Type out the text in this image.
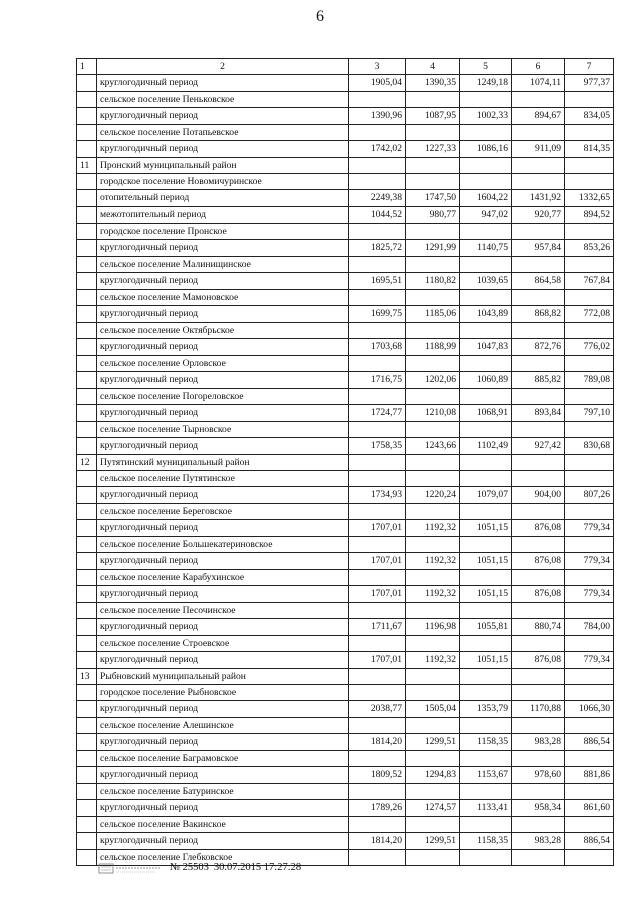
6
1	2	3	4	5	6	7
	круглогодичный период	1905,04	1390,35	1249,18	1074,11	977,37
	сельское поселение Пеньковское					
	круглогодичный период	1390,96	1087,95	1002,33	894,67	834,05
	сельское поселение Потапьевское					
	круглогодичный период	1742,02	1227,33	1086,16	911,09	814,35
11	Пронский муниципальный район					
	городское поселение Новомичуринское					
	отопительный период	2249,38	1747,50	1604,22	1431,92	1332,65
	межотопительный период	1044,52	980,77	947,02	920,77	894,52
	городское поселение Пронское					
	круглогодичный период	1825,72	1291,99	1140,75	957,84	853,26
	сельское поселение Малинищинское					
	круглогодичный период	1695,51	1180,82	1039,65	864,58	767,84
	сельское поселение Мамоновское					
	круглогодичный период	1699,75	1185,06	1043,89	868,82	772,08
	сельское поселение Октябрьское					
	круглогодичный период	1703,68	1188,99	1047,83	872,76	776,02
	сельское поселение Орловское					
	круглогодичный период	1716,75	1202,06	1060,89	885,82	789,08
	сельское поселение Погореловское					
	круглогодичный период	1724,77	1210,08	1068,91	893,84	797,10
	сельское поселение Тырновское					
	круглогодичный период	1758,35	1243,66	1102,49	927,42	830,68
12	Путятинский муниципальный район					
	сельское поселение Путятинское					
	круглогодичный период	1734,93	1220,24	1079,07	904,00	807,26
	сельское поселение Береговское					
	круглогодичный период	1707,01	1192,32	1051,15	876,08	779,34
	сельское поселение Большекатериновское					
	круглогодичный период	1707,01	1192,32	1051,15	876,08	779,34
	сельское поселение Карабухинское					
	круглогодичный период	1707,01	1192,32	1051,15	876,08	779,34
	сельское поселение Песочинское					
	круглогодичный период	1711,67	1196,98	1055,81	880,74	784,00
	сельское поселение Строевское					
	круглогодичный период	1707,01	1192,32	1051,15	876,08	779,34
13	Рыбновский муниципальный район					
	городское поселение Рыбновское					
	круглогодичный период	2038,77	1505,04	1353,79	1170,88	1066,30
	сельское поселение Алешинское					
	круглогодичный период	1814,20	1299,51	1158,35	983,28	886,54
	сельское поселение Баграмовское					
	круглогодичный период	1809,52	1294,83	1153,67	978,60	881,86
	сельское поселение Батуринское					
	круглогодичный период	1789,26	1274,57	1133,41	958,34	861,60
	сельское поселение Вакинское					
	круглогодичный период	1814,20	1299,51	1158,35	983,28	886,54
	сельское поселение Глебковское					
№ 25503 30.07.2015 17:27:28
